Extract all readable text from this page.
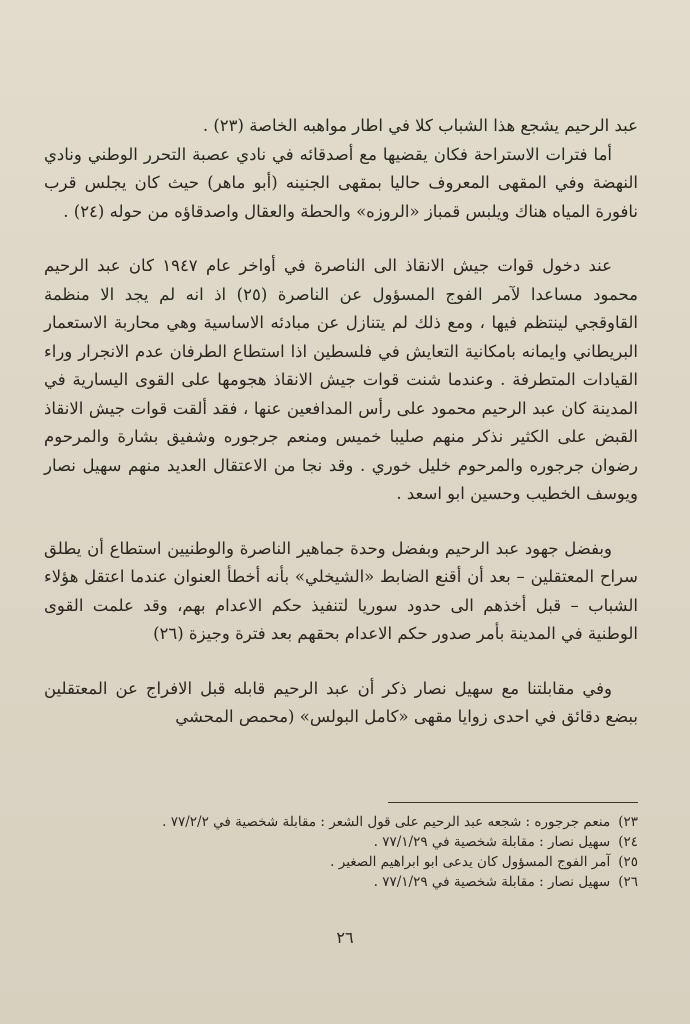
عبد الرحيم يشجع هذا الشباب كلا في اطار مواهبه الخاصة (٢٣) .

أما فترات الاستراحة فكان يقضيها مع أصدقائه في نادي عصبة التحرر الوطني ونادي النهضة وفي المقهى المعروف حاليا بمقهى الجنينه (أبو ماهر) حيث كان يجلس قرب نافورة المياه هناك ويلبس قمباز «الروزه» والحطة والعقال واصدقاؤه من حوله (٢٤) .

عند دخول قوات جيش الانقاذ الى الناصرة في أواخر عام ١٩٤٧ كان عبد الرحيم محمود مساعدا لآمر الفوج المسؤول عن الناصرة (٢٥) اذ انه لم يجد الا منظمة القاوقجي لينتظم فيها ، ومع ذلك لم يتنازل عن مبادئه الاساسية وهي محاربة الاستعمار البريطاني وايمانه بامكانية التعايش في فلسطين اذا استطاع الطرفان عدم الانجرار وراء القيادات المتطرفة . وعندما شنت قوات جيش الانقاذ هجومها على القوى اليسارية في المدينة كان عبد الرحيم محمود على رأس المدافعين عنها ، فقد ألقت قوات جيش الانقاذ القبض على الكثير نذكر منهم صليبا خميس ومنعم جرجوره وشفيق بشارة والمرحوم رضوان جرجوره والمرحوم خليل خوري . وقد نجا من الاعتقال العديد منهم سهيل نصار ويوسف الخطيب وحسين ابو اسعد .

وبفضل جهود عبد الرحيم وبفضل وحدة جماهير الناصرة والوطنيين استطاع أن يطلق سراح المعتقلين – بعد أن أقنع الضابط «الشيخلي» بأنه أخطأ العنوان عندما اعتقل هؤلاء الشباب – قبل أخذهم الى حدود سوريا لتنفيذ حكم الاعدام بهم، وقد علمت القوى الوطنية في المدينة بأمر صدور حكم الاعدام بحقهم بعد فترة وجيزة (٢٦)

وفي مقابلتنا مع سهيل نصار ذكر أن عبد الرحيم قابله قبل الافراج عن المعتقلين ببضع دقائق في احدى زوايا مقهى «كامل البولس» (محمص المحشي

٢٣)منعم جرجوره : شجعه عبد الرحيم على قول الشعر : مقابلة شخصية في ٧٧/٢/٢ .

٢٤)سهيل نصار : مقابلة شخصية في ٧٧/١/٢٩ .

٢٥)آمر الفوج المسؤول كان يدعى ابو ابراهيم الصغير .

٢٦)سهيل نصار : مقابلة شخصية في ٧٧/١/٢٩ .

٢٦
